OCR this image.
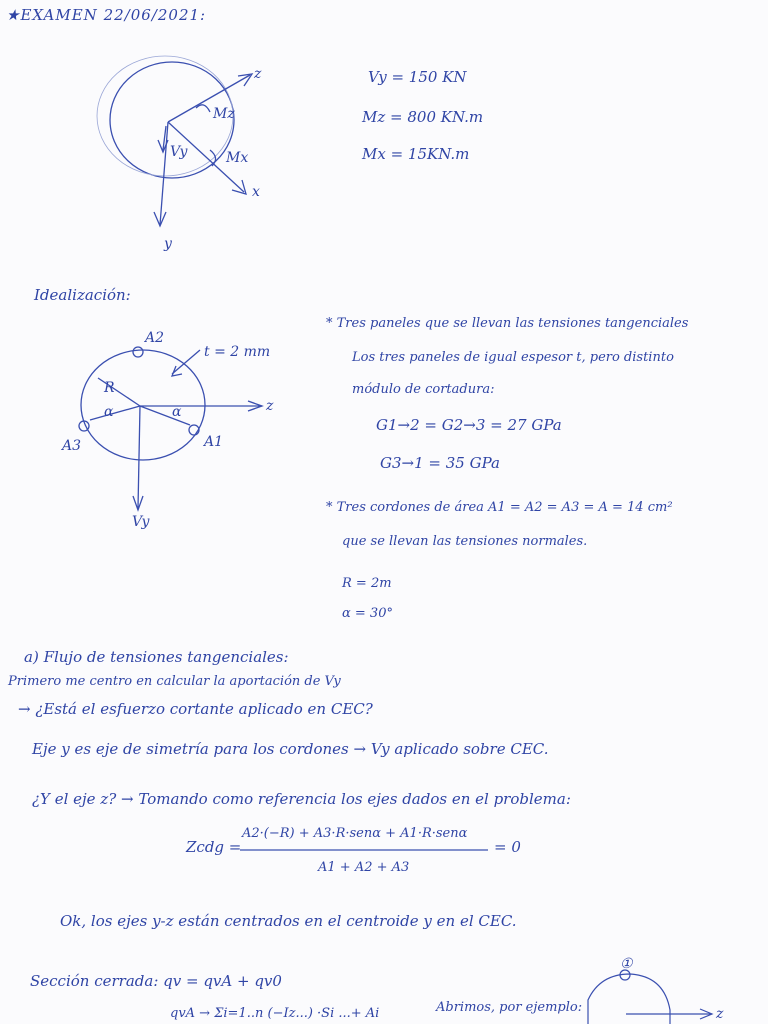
★EXAMEN 22/06/2021:
z
Mz
Vy	Mx
x
y
A2
A3	A1
R
α	α
t = 2 mm
z
Vy
①
z
Vy = 150 KN
Mz = 800 KN.m
Mx = 15KN.m
Idealización:
* Tres paneles que se llevan las tensiones tangenciales
Los tres paneles de igual espesor t, pero distinto
módulo de cortadura:
G1→2 = G2→3 = 27 GPa
G3→1 = 35 GPa
* Tres cordones de área A1 = A2 = A3 = A = 14 cm²
que se llevan las tensiones normales.
R = 2m
α = 30°
a) Flujo de tensiones tangenciales:
Primero me centro en calcular la aportación de Vy
→ ¿Está el esfuerzo cortante aplicado en CEC?
Eje y es eje de simetría para los cordones → Vy aplicado sobre CEC.
¿Y el eje z? → Tomando como referencia los ejes dados en el problema:
Zcdg =
A2·(−R) + A3·R·senα + A1·R·senα
A1 + A2 + A3
= 0
Ok, los ejes y-z están centrados en el centroide y en el CEC.
Sección cerrada: qv = qvA + qv0
qvA → Σi=1..n (−Iz...) ·Si ...+ Ai	Abrimos, por ejemplo:
